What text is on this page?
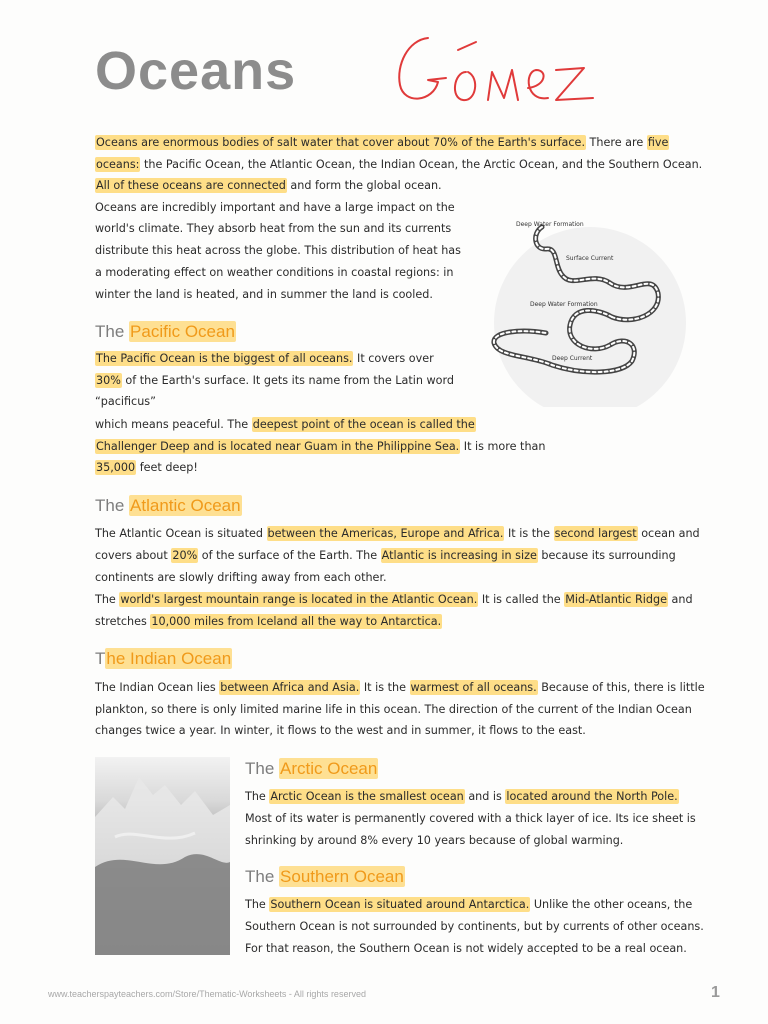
Oceans
Oceans are enormous bodies of salt water that cover about 70% of the Earth's surface. There are five
oceans: the Pacific Ocean, the Atlantic Ocean, the Indian Ocean, the Arctic Ocean, and the Southern Ocean.
All of these oceans are connected and form the global ocean.
Oceans are incredibly important and have a large impact on the
world's climate. They absorb heat from the sun and its currents
distribute this heat across the globe. This distribution of heat has
a moderating effect on weather conditions in coastal regions: in
winter the land is heated, and in summer the land is cooled.
Deep Water Formation
Surface Current
Deep Water Formation
Deep Current
The Pacific Ocean
The Pacific Ocean is the biggest of all oceans. It covers over
30% of the Earth's surface. It gets its name from the Latin word
“pacificus”
which means peaceful. The deepest point of the ocean is called the
Challenger Deep and is located near Guam in the Philippine Sea. It is more than
35,000 feet deep!
The Atlantic Ocean
The Atlantic Ocean is situated between the Americas, Europe and Africa. It is the second largest ocean and
covers about 20% of the surface of the Earth. The Atlantic is increasing in size because its surrounding
continents are slowly drifting away from each other.
The world's largest mountain range is located in the Atlantic Ocean. It is called the Mid-Atlantic Ridge and
stretches 10,000 miles from Iceland all the way to Antarctica.
The Indian Ocean
The Indian Ocean lies between Africa and Asia. It is the warmest of all oceans. Because of this, there is little
plankton, so there is only limited marine life in this ocean. The direction of the current of the Indian Ocean
changes twice a year. In winter, it flows to the west and in summer, it flows to the east.
The Arctic Ocean
The Arctic Ocean is the smallest ocean and is located around the North Pole.
Most of its water is permanently covered with a thick layer of ice. Its ice sheet is
shrinking by around 8% every 10 years because of global warming.
The Southern Ocean
The Southern Ocean is situated around Antarctica. Unlike the other oceans, the
Southern Ocean is not surrounded by continents, but by currents of other oceans.
For that reason, the Southern Ocean is not widely accepted to be a real ocean.
www.teacherspayteachers.com/Store/Thematic-Worksheets - All rights reserved	1
